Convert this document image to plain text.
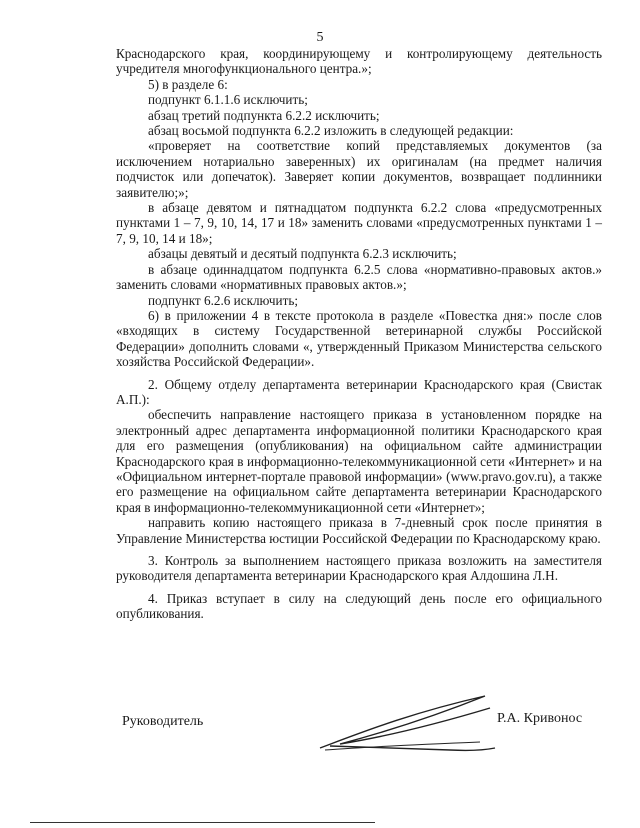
5

Краснодарского края, координирующему и контролирующему деятельность учредителя многофункционального центра.»;

5) в разделе 6:

подпункт 6.1.1.6 исключить;

абзац третий подпункта 6.2.2 исключить;

абзац восьмой подпункта 6.2.2 изложить в следующей редакции:

«проверяет на соответствие копий представляемых документов (за исключением нотариально заверенных) их оригиналам (на предмет наличия подчисток или допечаток). Заверяет копии документов, возвращает подлинники заявителю;»;

в абзаце девятом и пятнадцатом подпункта 6.2.2 слова «предусмотренных пунктами 1 – 7, 9, 10, 14, 17 и 18» заменить словами «предусмотренных пунктами 1 – 7, 9, 10, 14 и 18»;

абзацы девятый и десятый подпункта 6.2.3 исключить;

в абзаце одиннадцатом подпункта 6.2.5 слова «нормативно-правовых актов.» заменить словами «нормативных правовых актов.»;

подпункт 6.2.6 исключить;

6) в приложении 4 в тексте протокола в разделе «Повестка дня:» после слов «входящих в систему Государственной ветеринарной службы Российской Федерации» дополнить словами «, утвержденный Приказом Министерства сельского хозяйства Российской Федерации».

2. Общему отделу департамента ветеринарии Краснодарского края (Свистак А.П.):

обеспечить направление настоящего приказа в установленном порядке на электронный адрес департамента информационной политики Краснодарского края для его размещения (опубликования) на официальном сайте администрации Краснодарского края в информационно-телекоммуникационной сети «Интернет» и на «Официальном интернет-портале правовой информации» (www.pravo.gov.ru), а также его размещение на официальном сайте департамента ветеринарии Краснодарского края в информационно-телекоммуникационной сети «Интернет»;

направить копию настоящего приказа в 7-дневный срок после принятия в Управление Министерства юстиции Российской Федерации по Краснодарскому краю.

3. Контроль за выполнением настоящего приказа возложить на заместителя руководителя департамента ветеринарии Краснодарского края Алдошина Л.Н.

4. Приказ вступает в силу на следующий день после его официального опубликования.

Руководитель	Р.А. Кривонос
